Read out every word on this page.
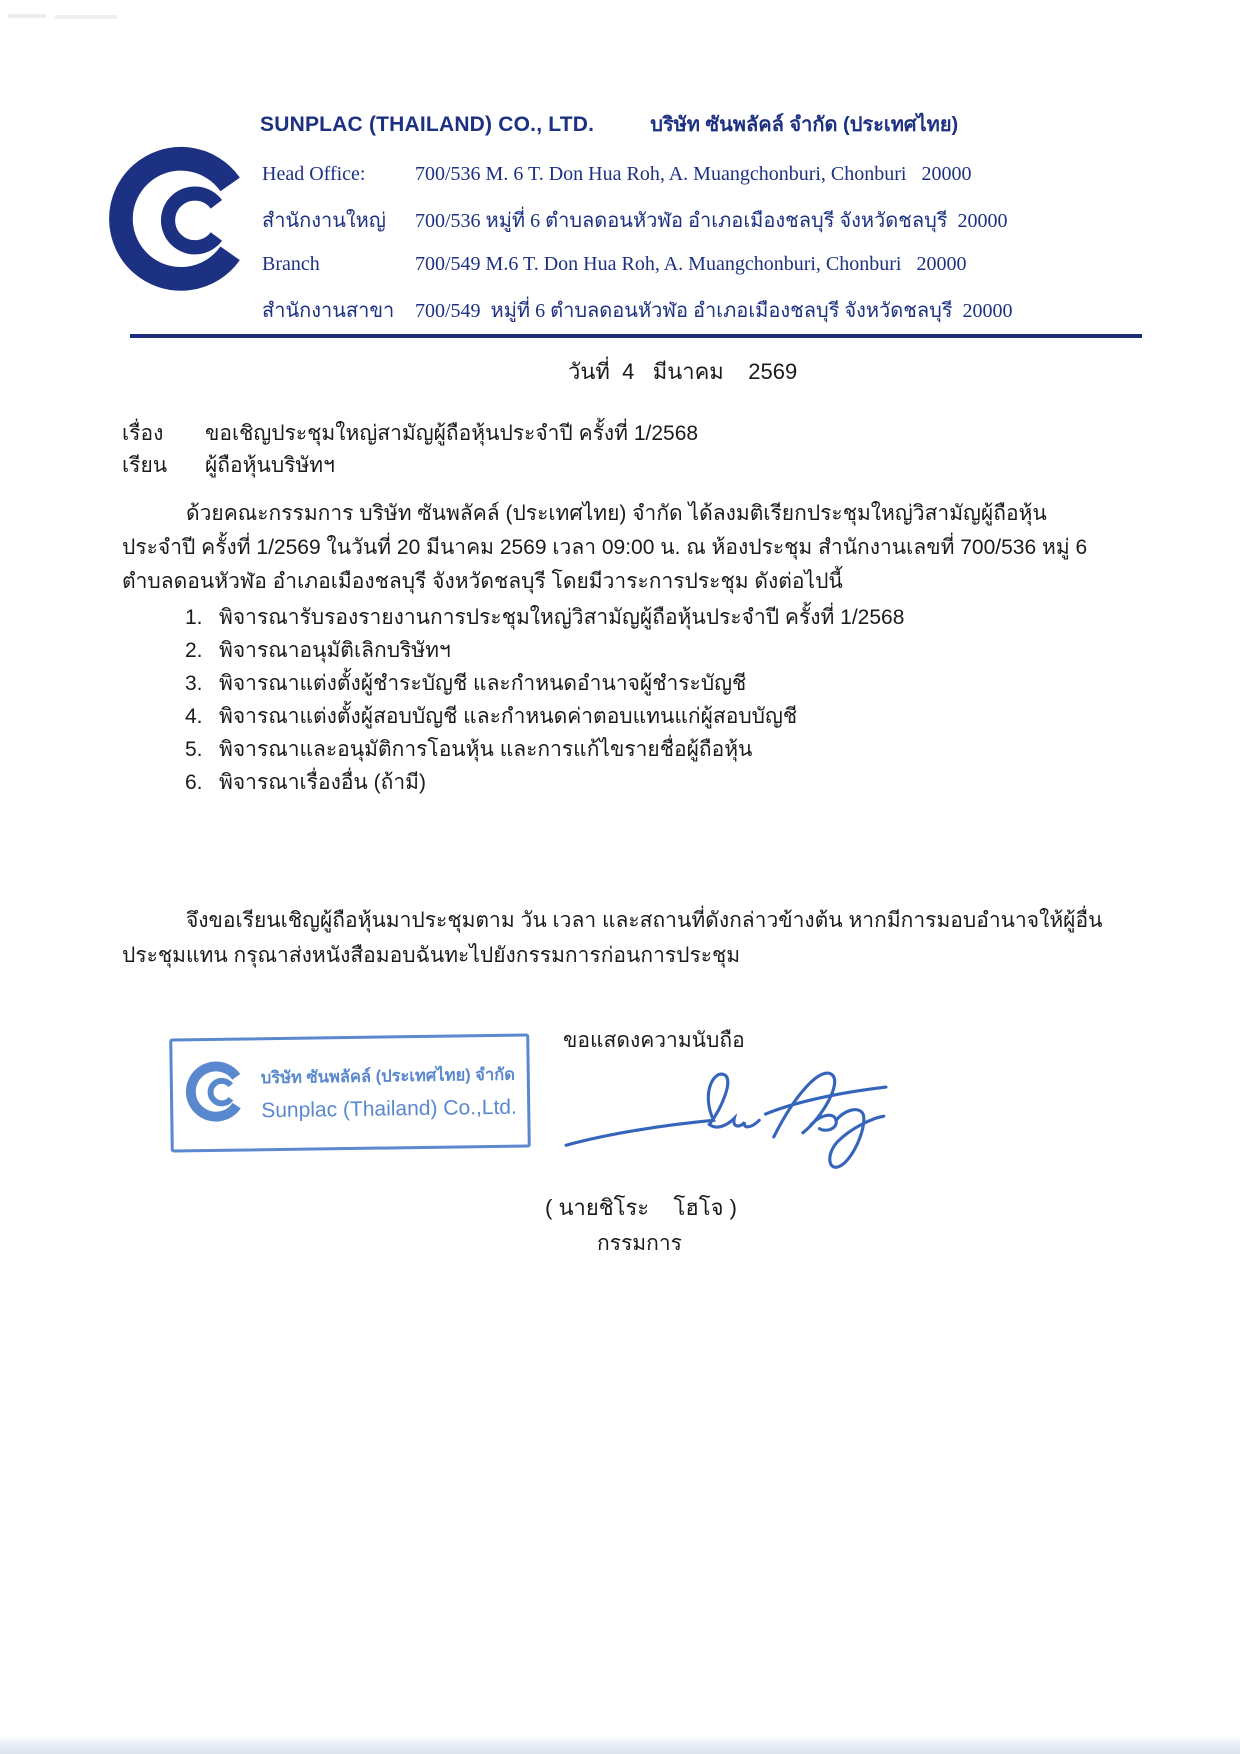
SUNPLAC (THAILAND) CO., LTD.	บริษัท ซันพลัคล์ จำกัด (ประเทศไทย)
Head Office:	700/536 M. 6 T. Don Hua Roh, A. Muangchonburi, Chonburi   20000
สำนักงานใหญ่	700/536 หมู่ที่ 6 ตำบลดอนหัวฬ่อ อำเภอเมืองชลบุรี จังหวัดชลบุรี  20000
Branch	700/549 M.6 T. Don Hua Roh, A. Muangchonburi, Chonburi   20000
สำนักงานสาขา	700/549  หมู่ที่ 6 ตำบลดอนหัวฬ่อ อำเภอเมืองชลบุรี จังหวัดชลบุรี  20000
วันที่  4   มีนาคม    2569
เรื่อง ขอเชิญประชุมใหญ่สามัญผู้ถือหุ้นประจำปี ครั้งที่ 1/2568
เรียน ผู้ถือหุ้นบริษัทฯ
ด้วยคณะกรรมการ บริษัท ซันพลัคล์ (ประเทศไทย) จำกัด ได้ลงมติเรียกประชุมใหญ่วิสามัญผู้ถือหุ้น
ประจำปี ครั้งที่ 1/2569 ในวันที่ 20 มีนาคม 2569 เวลา 09:00 น. ณ ห้องประชุม สำนักงานเลขที่ 700/536 หมู่ 6
ตำบลดอนหัวฬ่อ อำเภอเมืองชลบุรี จังหวัดชลบุรี โดยมีวาระการประชุม ดังต่อไปนี้
1. พิจารณารับรองรายงานการประชุมใหญ่วิสามัญผู้ถือหุ้นประจำปี ครั้งที่ 1/2568
2. พิจารณาอนุมัติเลิกบริษัทฯ
3. พิจารณาแต่งตั้งผู้ชำระบัญชี และกำหนดอำนาจผู้ชำระบัญชี
4. พิจารณาแต่งตั้งผู้สอบบัญชี และกำหนดค่าตอบแทนแก่ผู้สอบบัญชี
5. พิจารณาและอนุมัติการโอนหุ้น และการแก้ไขรายชื่อผู้ถือหุ้น
6. พิจารณาเรื่องอื่น (ถ้ามี)
จึงขอเรียนเชิญผู้ถือหุ้นมาประชุมตาม วัน เวลา และสถานที่ดังกล่าวข้างต้น หากมีการมอบอำนาจให้ผู้อื่น
ประชุมแทน กรุณาส่งหนังสือมอบฉันทะไปยังกรรมการก่อนการประชุม
ขอแสดงความนับถือ
บริษัท ซันพลัคล์ (ประเทศไทย) จำกัด
Sunplac (Thailand) Co.,Ltd.
( นายชิโระ    โฮโจ )
กรรมการ
